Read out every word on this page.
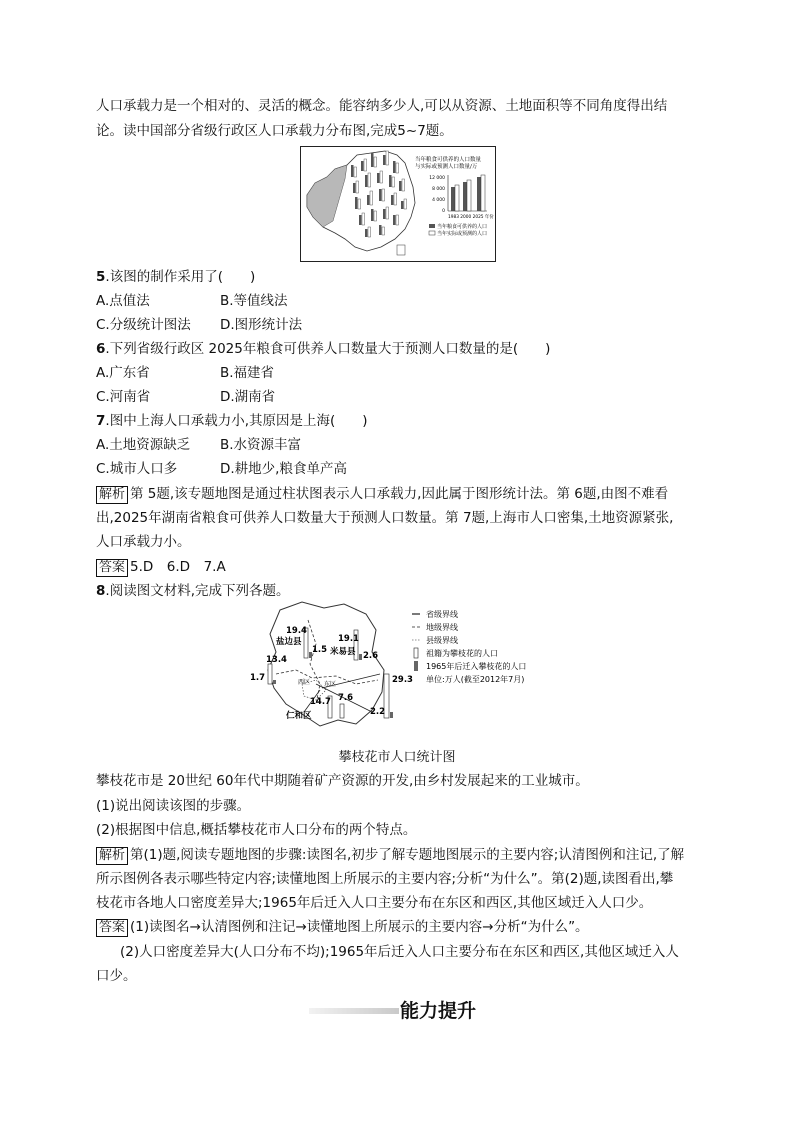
人口承载力是一个相对的、灵活的概念。能容纳多少人,可以从资源、土地面积等不同角度得出结
论。读中国部分省级行政区人口承载力分布图,完成5~7题。
当年粮食可供养的人口数量
与实际或预测人口数量/万
12 000
8 000
4 000
0
1983 2000 2025 年份
当年粮食可供养的人口
当年实际或预测的人口
5.该图的制作采用了(　　)
A.点值法	B.等值线法
C.分级统计图法 D.图形统计法
6.下列省级行政区 2025年粮食可供养人口数量大于预测人口数量的是(　　)
A.广东省	B.福建省
C.河南省	D.湖南省
7.图中上海人口承载力小,其原因是上海(　　)
A.土地资源缺乏 B.水资源丰富
C.城市人口多	D.耕地少,粮食单产高
解析 第 5题,该专题地图是通过柱状图表示人口承载力,因此属于图形统计法。第 6题,由图不难看
出,2025年湖南省粮食可供养人口数量大于预测人口数量。第 7题,上海市人口密集,土地资源紧张,
人口承载力小。
答案 5.D　6.D　7.A
8.阅读图文材料,完成下列各题。
盐边县
米易县
仁和区
东区
西区
19.4
1.5
19.1
2.6
13.4
1.7	29.3
14.7 7.6
2.2
省级界线
地级界线
县级界线
祖籍为攀枝花的人口
1965年后迁入攀枝花的人口
单位:万人(截至2012年7月)
攀枝花市人口统计图
攀枝花市是 20世纪 60年代中期随着矿产资源的开发,由乡村发展起来的工业城市。
(1)说出阅读该图的步骤。
(2)根据图中信息,概括攀枝花市人口分布的两个特点。
解析 第(1)题,阅读专题地图的步骤:读图名,初步了解专题地图展示的主要内容;认清图例和注记,了解
所示图例各表示哪些特定内容;读懂地图上所展示的主要内容;分析“为什么”。第(2)题,读图看出,攀
枝花市各地人口密度差异大;1965年后迁入人口主要分布在东区和西区,其他区域迁入人口少。
答案 (1)读图名→认清图例和注记→读懂地图上所展示的主要内容→分析“为什么”。
(2)人口密度差异大(人口分布不均);1965年后迁入人口主要分布在东区和西区,其他区域迁入人
口少。
能力提升
